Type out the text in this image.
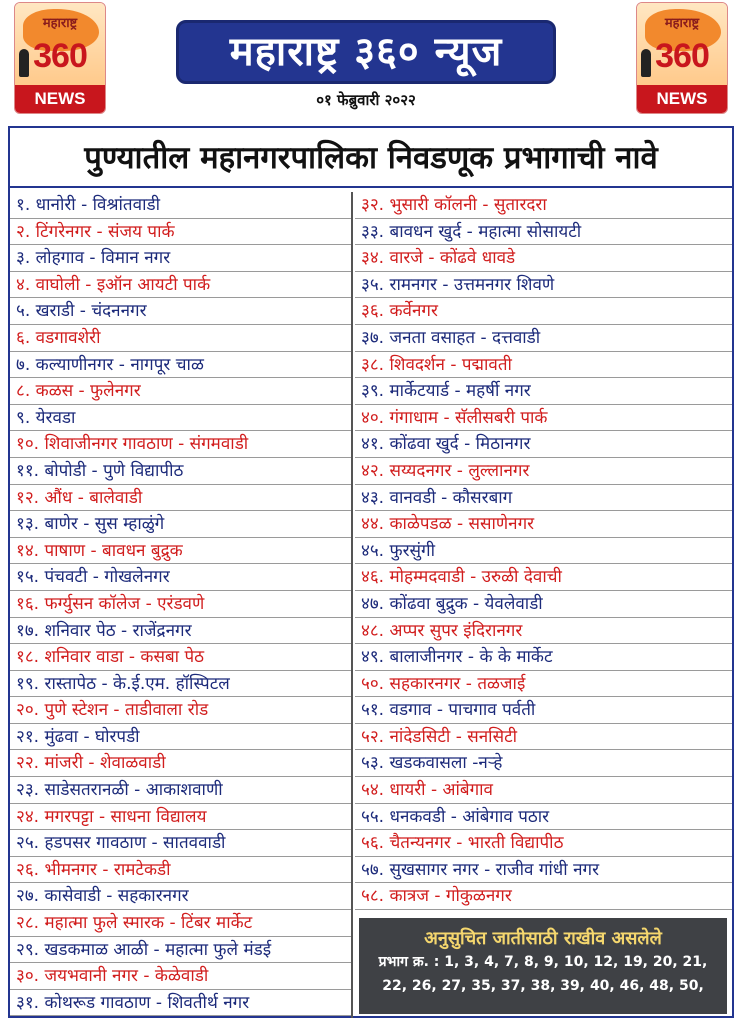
महाराष्ट्र
360
NEWS
महाराष्ट्र ३६० न्यूज
०१ फेब्रुवारी २०२२
महाराष्ट्र
360
NEWS
पुण्यातील महानगरपालिका निवडणूक प्रभागाची नावे
१. धानोरी - विश्रांतवाडी
२. टिंगरेनगर - संजय पार्क
३. लोहगाव - विमान नगर
४. वाघोली - इऑन आयटी पार्क
५. खराडी - चंदननगर
६. वडगावशेरी
७. कल्याणीनगर - नागपूर चाळ
८. कळस - फुलेनगर
९. येरवडा
१०. शिवाजीनगर गावठाण - संगमवाडी
११. बोपोडी - पुणे विद्यापीठ
१२. औंध - बालेवाडी
१३. बाणेर - सुस म्हाळुंगे
१४. पाषाण - बावधन बुद्रुक
१५. पंचवटी - गोखलेनगर
१६. फर्ग्युसन कॉलेज - एरंडवणे
१७. शनिवार पेठ - राजेंद्रनगर
१८. शनिवार वाडा - कसबा पेठ
१९. रास्तापेठ - के.ई.एम. हॉस्पिटल
२०. पुणे स्टेशन - ताडीवाला रोड
२१. मुंढवा - घोरपडी
२२. मांजरी - शेवाळवाडी
२३. साडेसतरानळी - आकाशवाणी
२४. मगरपट्टा - साधना विद्यालय
२५. हडपसर गावठाण - सातववाडी
२६. भीमनगर - रामटेकडी
२७. कासेवाडी - सहकारनगर
२८. महात्मा फुले स्मारक - टिंबर मार्केट
२९. खडकमाळ आळी - महात्मा फुले मंडई
३०. जयभवानी नगर - केळेवाडी
३१. कोथरूड गावठाण - शिवतीर्थ नगर
३२. भुसारी कॉलनी - सुतारदरा
३३. बावधन खुर्द - महात्मा सोसायटी
३४. वारजे - कोंढवे धावडे
३५. रामनगर - उत्तमनगर शिवणे
३६. कर्वेनगर
३७. जनता वसाहत - दत्तवाडी
३८. शिवदर्शन - पद्मावती
३९. मार्केटयार्ड - महर्षी नगर
४०. गंगाधाम - सॅलीसबरी पार्क
४१. कोंढवा खुर्द - मिठानगर
४२. सय्यदनगर - लुल्लानगर
४३. वानवडी - कौसरबाग
४४. काळेपडळ - ससाणेनगर
४५. फुरसुंगी
४६. मोहम्मदवाडी - उरुळी देवाची
४७. कोंढवा बुद्रुक - येवलेवाडी
४८. अप्पर सुपर इंदिरानगर
४९. बालाजीनगर - के के मार्केट
५०. सहकारनगर - तळजाई
५१. वडगाव - पाचगाव पर्वती
५२. नांदेडसिटी - सनसिटी
५३. खडकवासला -नऱ्हे
५४. धायरी - आंबेगाव
५५. धनकवडी - आंबेगाव पठार
५६. चैतन्यनगर - भारती विद्यापीठ
५७. सुखसागर नगर - राजीव गांधी नगर
५८. कात्रज - गोकुळनगर
अनुसुचित जातीसाठी राखीव असलेले
प्रभाग क्र. : 1, 3, 4, 7, 8, 9, 10, 12, 19, 20, 21,
22, 26, 27, 35, 37, 38, 39, 40, 46, 48, 50,
